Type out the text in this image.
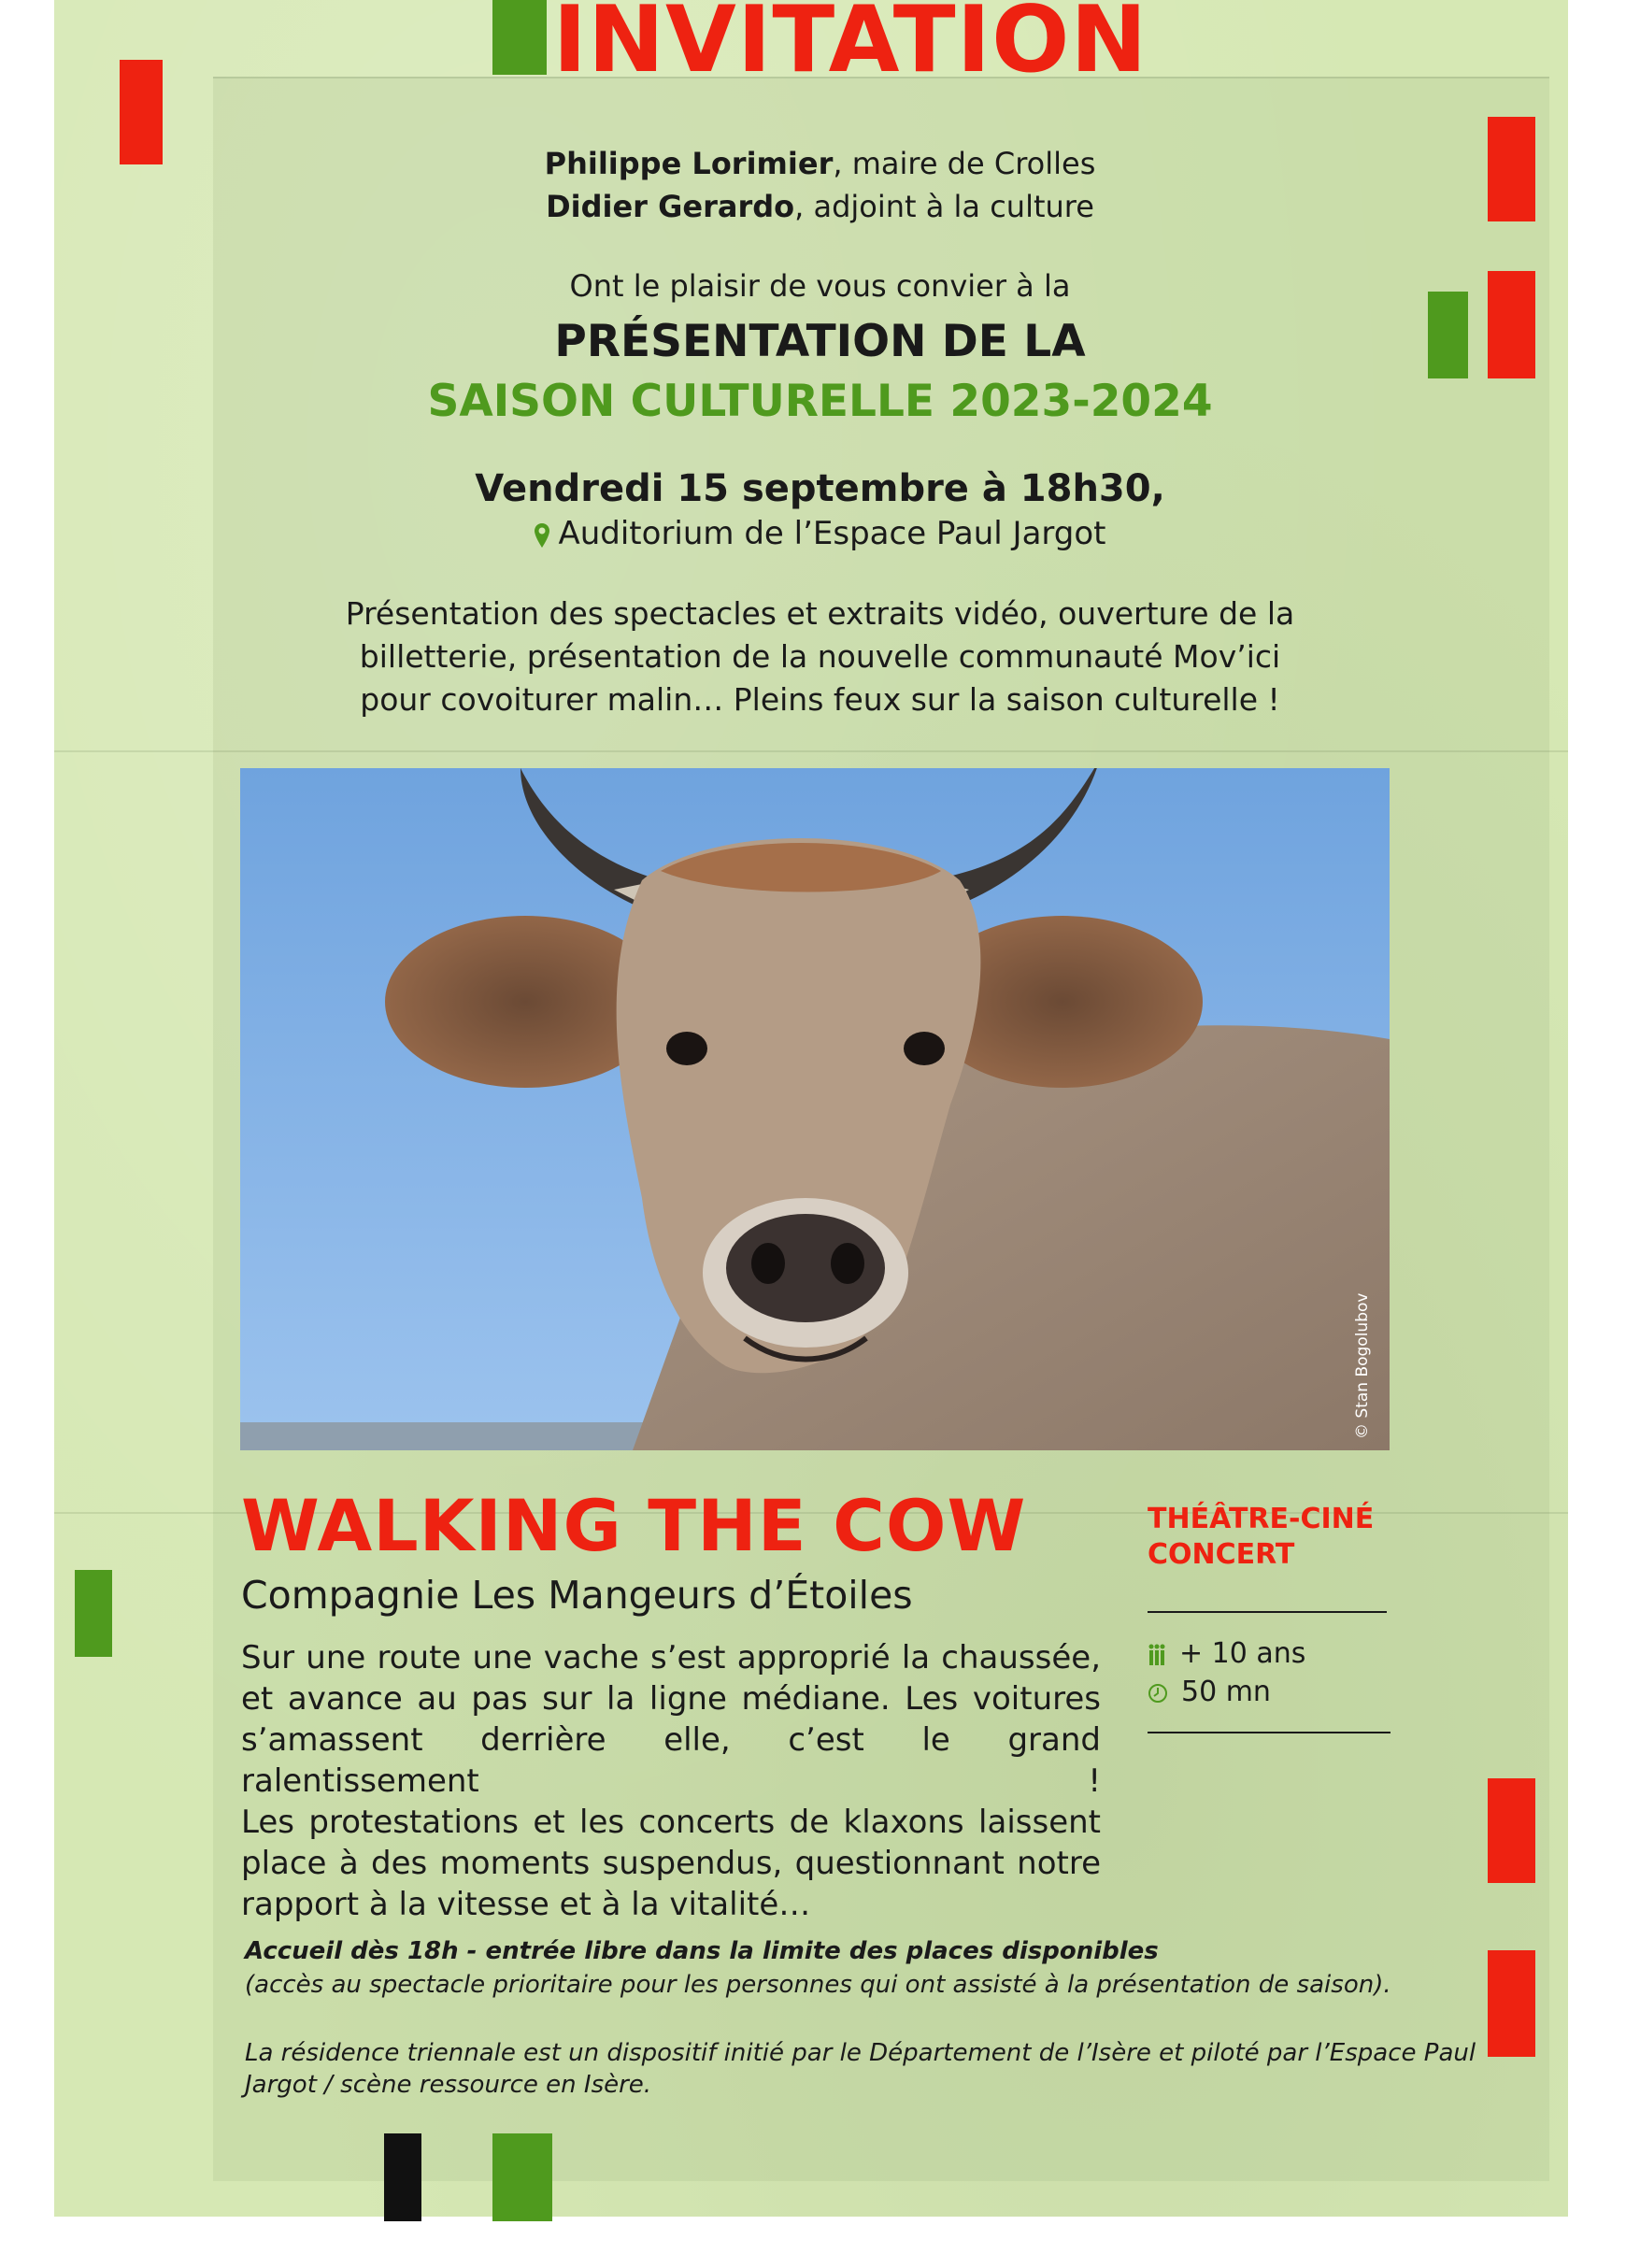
INVITATION
Philippe Lorimier, maire de Crolles
Didier Gerardo, adjoint à la culture
Ont le plaisir de vous convier à la
PRÉSENTATION DE LA
SAISON CULTURELLE 2023-2024
Vendredi 15 septembre à 18h30,
Auditorium de l’Espace Paul Jargot
Présentation des spectacles et extraits vidéo, ouverture de la
billetterie, présentation de la nouvelle communauté Mov’ici
pour covoiturer malin… Pleins feux sur la saison culturelle !
© Stan Bogolubov
WALKING THE COW
Compagnie Les Mangeurs d’Étoiles
Sur une route une vache s’est approprié la chaussée,
et avance au pas sur la ligne médiane. Les voitures
s’amassent derrière elle, c’est le grand ralentissement !
Les protestations et les concerts de klaxons laissent
place à des moments suspendus, questionnant notre
rapport à la vitesse et à la vitalité…
THÉÂTRE-CINÉ
CONCERT
+ 10 ans
50 mn
Accueil dès 18h - entrée libre dans la limite des places disponibles
(accès au spectacle prioritaire pour les personnes qui ont assisté à la présentation de saison).
La résidence triennale est un dispositif initié par le Département de l’Isère et piloté par l’Espace Paul
Jargot / scène ressource en Isère.
